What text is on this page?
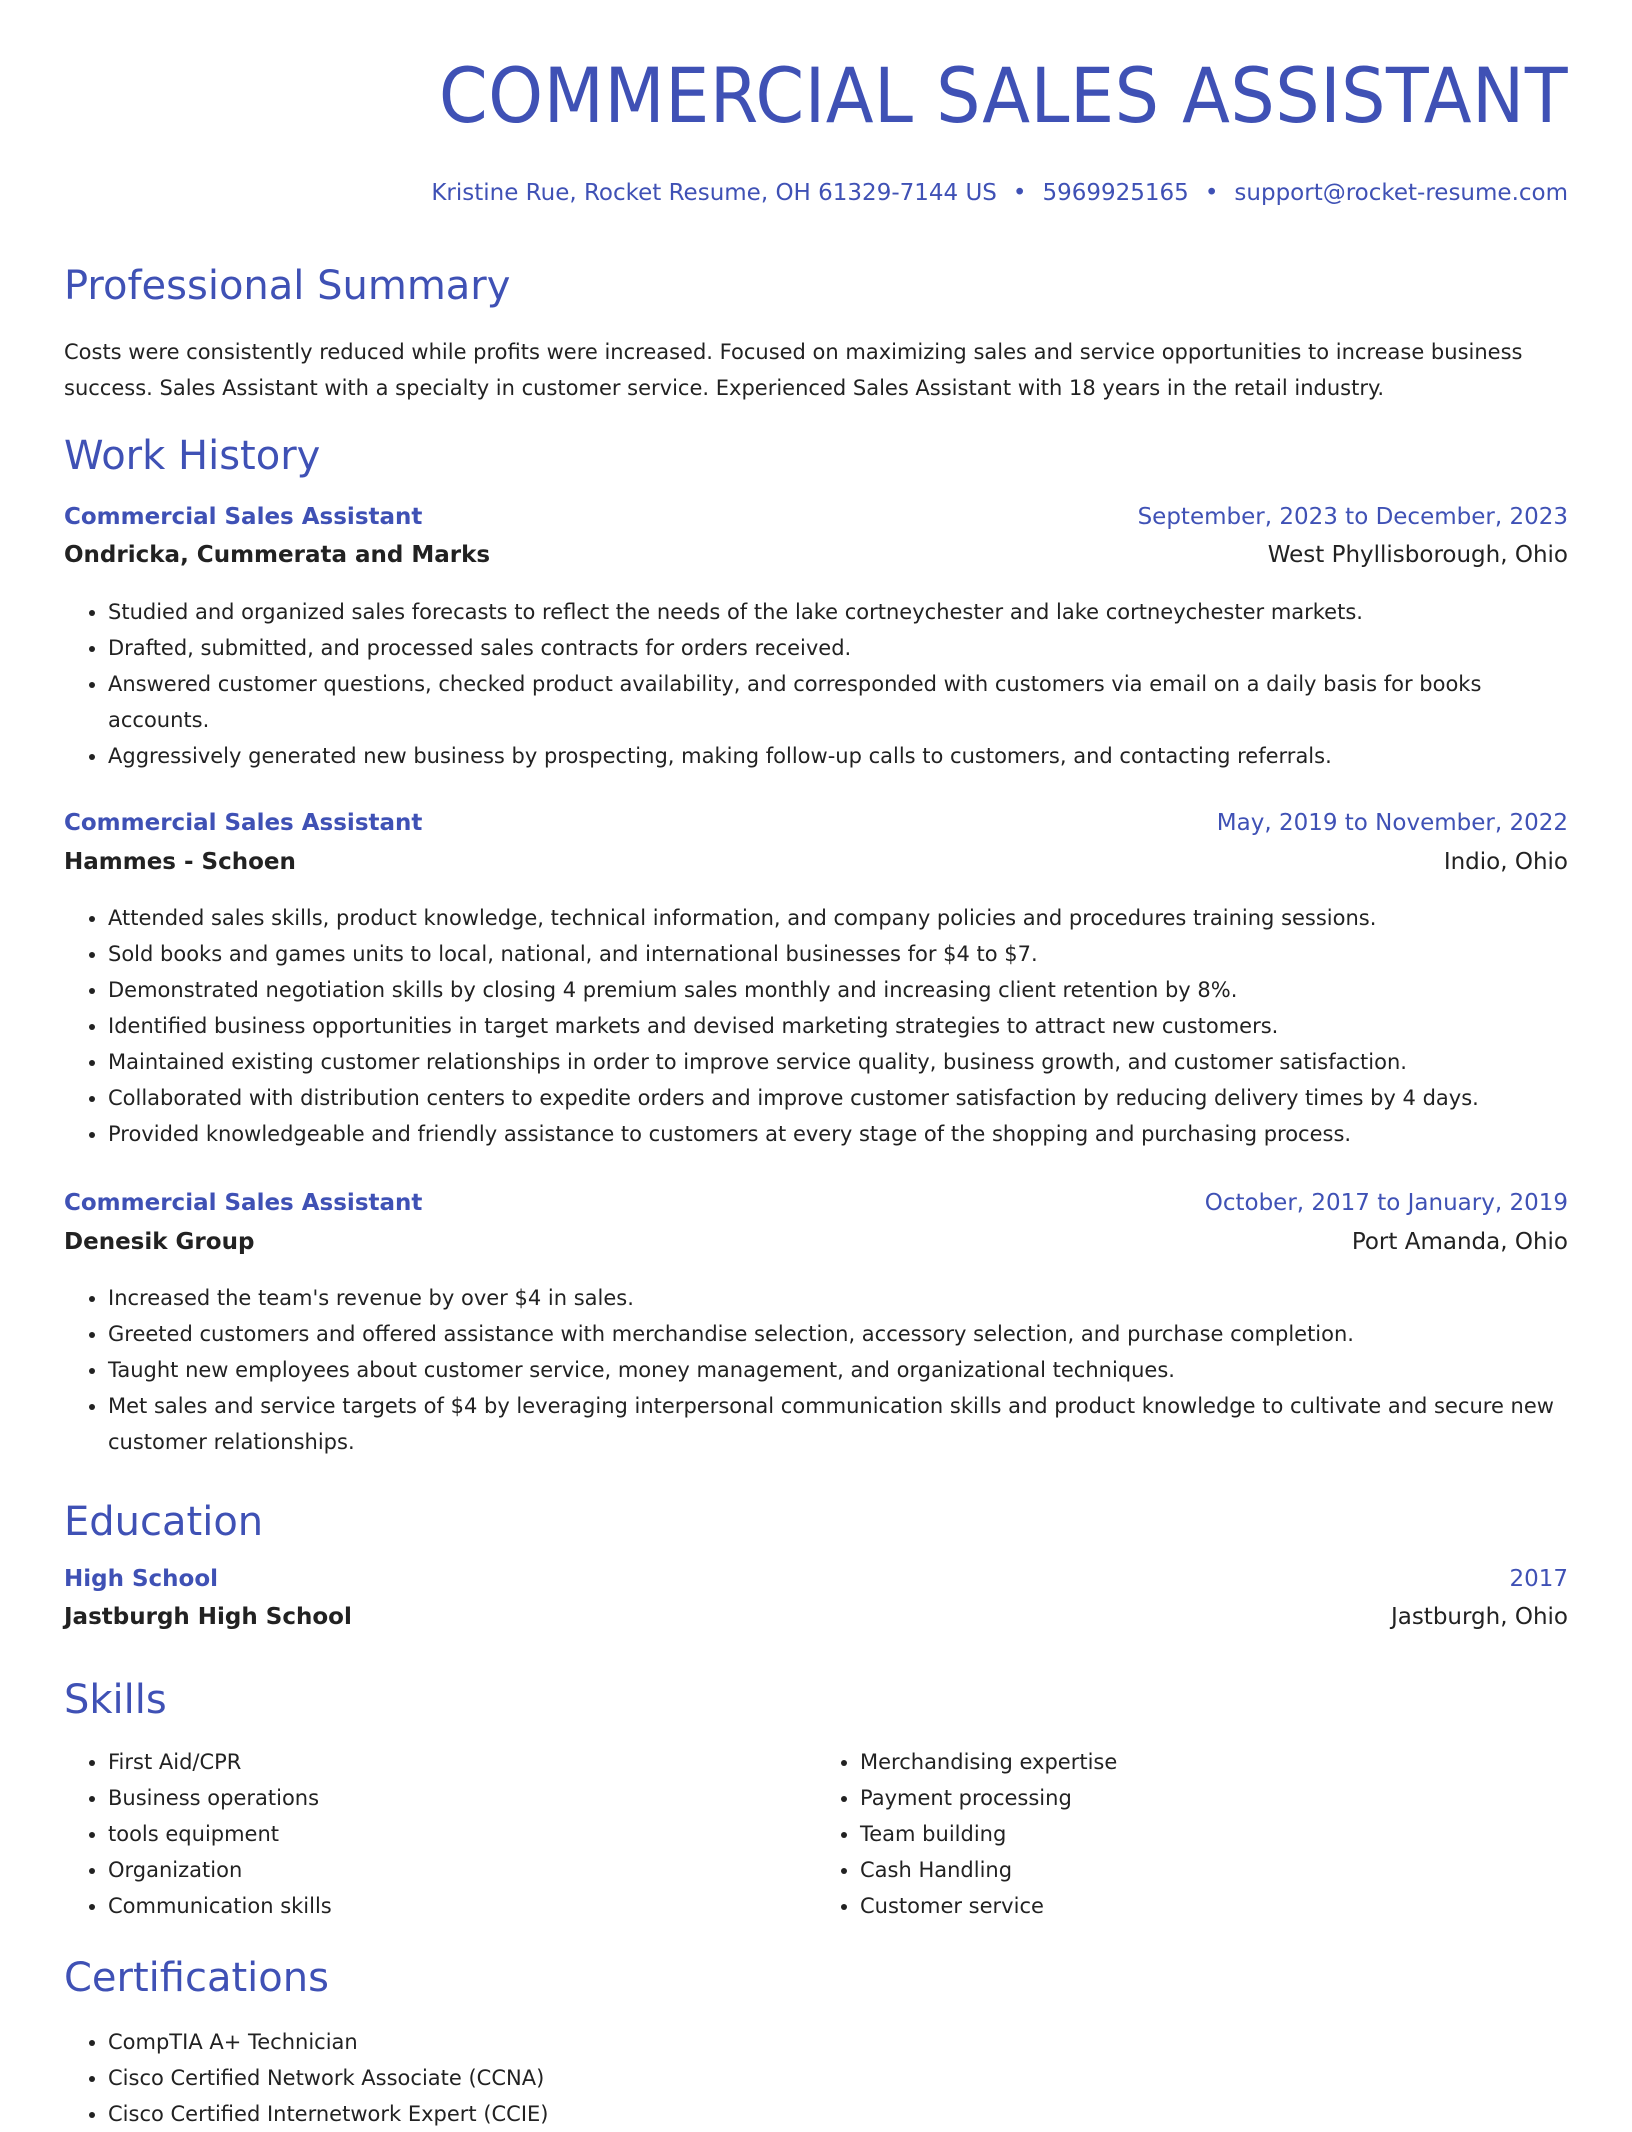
COMMERCIAL SALES ASSISTANT
Kristine Rue, Rocket Resume, OH 61329-7144 US • 5969925165 • support@rocket-resume.com
Professional Summary

Costs were consistently reduced while profits were increased. Focused on maximizing sales and service opportunities to increase business success. Sales Assistant with a specialty in customer service. Experienced Sales Assistant with 18 years in the retail industry.

Work History
Commercial Sales Assistant	September, 2023 to December, 2023
Ondricka, Cummerata and Marks	West Phyllisborough, Ohio
• Studied and organized sales forecasts to reflect the needs of the lake cortneychester and lake cortneychester markets.
• Drafted, submitted, and processed sales contracts for orders received.
• Answered customer questions, checked product availability, and corresponded with customers via email on a daily basis for books accounts.
• Aggressively generated new business by prospecting, making follow-up calls to customers, and contacting referrals.
Commercial Sales Assistant	May, 2019 to November, 2022
Hammes - Schoen	Indio, Ohio
• Attended sales skills, product knowledge, technical information, and company policies and procedures training sessions.
• Sold books and games units to local, national, and international businesses for $4 to $7.
• Demonstrated negotiation skills by closing 4 premium sales monthly and increasing client retention by 8%.
• Identified business opportunities in target markets and devised marketing strategies to attract new customers.
• Maintained existing customer relationships in order to improve service quality, business growth, and customer satisfaction.
• Collaborated with distribution centers to expedite orders and improve customer satisfaction by reducing delivery times by 4 days.
• Provided knowledgeable and friendly assistance to customers at every stage of the shopping and purchasing process.
Commercial Sales Assistant	October, 2017 to January, 2019
Denesik Group	Port Amanda, Ohio
• Increased the team's revenue by over $4 in sales.
• Greeted customers and offered assistance with merchandise selection, accessory selection, and purchase completion.
• Taught new employees about customer service, money management, and organizational techniques.
• Met sales and service targets of $4 by leveraging interpersonal communication skills and product knowledge to cultivate and secure new customer relationships.
Education
High School	2017
Jastburgh High School	Jastburgh, Ohio
Skills
• First Aid/CPR
• Business operations
• tools equipment
• Organization
• Communication skills
• Merchandising expertise
• Payment processing
• Team building
• Cash Handling
• Customer service
Certifications
• CompTIA A+ Technician
• Cisco Certified Network Associate (CCNA)
• Cisco Certified Internetwork Expert (CCIE)
